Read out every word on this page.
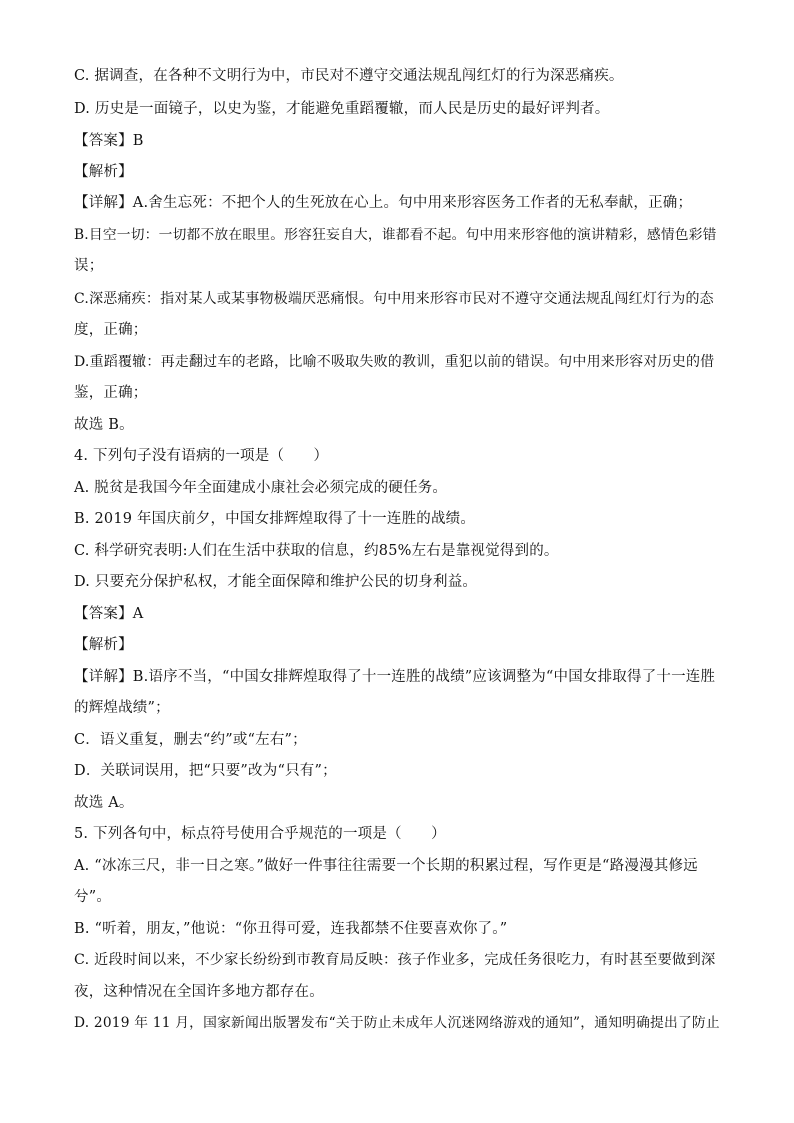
C. 据调查，在各种不文明行为中，市民对不遵守交通法规乱闯红灯的行为深恶痛疾。
D. 历史是一面镜子，以史为鉴，才能避免重蹈覆辙，而人民是历史的最好评判者。
【答案】B
【解析】
【详解】A.舍生忘死：不把个人的生死放在心上。句中用来形容医务工作者的无私奉献，正确；
B.目空一切：一切都不放在眼里。形容狂妄自大，谁都看不起。句中用来形容他的演讲精彩，感情色彩错
误；
C.深恶痛疾：指对某人或某事物极端厌恶痛恨。句中用来形容市民对不遵守交通法规乱闯红灯行为的态
度，正确；
D.重蹈覆辙：再走翻过车的老路，比喻不吸取失败的教训，重犯以前的错误。句中用来形容对历史的借
鉴，正确；
故选 B。
4. 下列句子没有语病的一项是（　　）
A. 脱贫是我国今年全面建成小康社会必须完成的硬任务。
B. 2019 年国庆前夕，中国女排辉煌取得了十一连胜的战绩。
C. 科学研究表明:人们在生活中获取的信息，约85%左右是靠视觉得到的。
D. 只要充分保护私权，才能全面保障和维护公民的切身利益。
【答案】A
【解析】
【详解】B.语序不当，“中国女排辉煌取得了十一连胜的战绩”应该调整为“中国女排取得了十一连胜
的辉煌战绩”；
C．语义重复，删去“约”或“左右”；
D．关联词误用，把“只要”改为“只有”；
故选 A。
5. 下列各句中，标点符号使用合乎规范的一项是（　　）
A. “冰冻三尺，非一日之寒。”做好一件事往往需要一个长期的积累过程，写作更是“路漫漫其修远
兮”。
B. “听着，朋友，”他说：“你丑得可爱，连我都禁不住要喜欢你了。”
C. 近段时间以来，不少家长纷纷到市教育局反映：孩子作业多，完成任务很吃力，有时甚至要做到深
夜，这种情况在全国许多地方都存在。
D. 2019 年 11 月，国家新闻出版署发布“关于防止未成年人沉迷网络游戏的通知”，通知明确提出了防止
